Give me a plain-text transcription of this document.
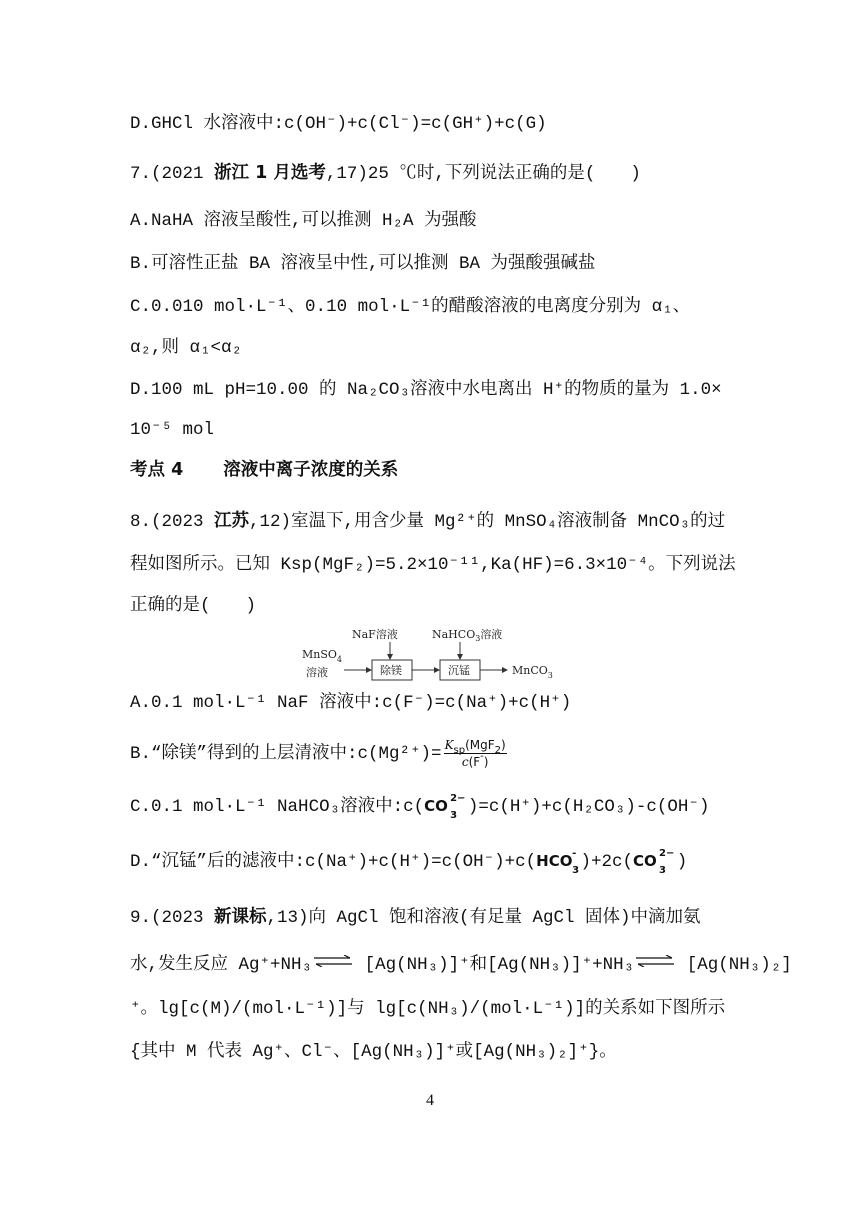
D.GHCl 水溶液中:c(OH⁻)+c(Cl⁻)=c(GH⁺)+c(G)
7.(2021 浙江 1 月选考,17)25 ℃时,下列说法正确的是(　　)
A.NaHA 溶液呈酸性,可以推测 H₂A 为强酸
B.可溶性正盐 BA 溶液呈中性,可以推测 BA 为强酸强碱盐
C.0.010 mol·L⁻¹、0.10 mol·L⁻¹的醋酸溶液的电离度分别为 α₁、
α₂,则 α₁<α₂
D.100 mL pH=10.00 的 Na₂CO₃溶液中水电离出 H⁺的物质的量为 1.0×
10⁻⁵ mol
考点 4 溶液中离子浓度的关系
8.(2023 江苏,12)室温下,用含少量 Mg²⁺的 MnSO₄溶液制备 MnCO₃的过
程如图所示。已知 Ksp(MgF₂)=5.2×10⁻¹¹,Ka(HF)=6.3×10⁻⁴。下列说法
正确的是(　　)
MnSO$_4$
溶液
NaF溶液
除镁
NaHCO$_3$溶液
沉锰	MnCO$_3$
A.0.1 mol·L⁻¹ NaF 溶液中:c(F⁻)=c(Na⁺)+c(H⁺)
B.“除镁”得到的上层清液中:c(Mg²⁺)= $\frac{K_{sp}(MgF_2)}{c(F^-)}$
C.0.1 mol·L⁻¹ NaHCO₃溶液中:c(CO 2−
3 )=c(H⁺)+c(H₂CO₃)-c(OH⁻)
D.“沉锰”后的滤液中:c(Na⁺)+c(H⁺)=c(OH⁻)+c(HCO -
3 )+2c(CO 2−
3 )
9.(2023 新课标,13)向 AgCl 饱和溶液(有足量 AgCl 固体)中滴加氨
水,发生反应 Ag⁺+NH₃ ⇌ [Ag(NH₃)]⁺和[Ag(NH₃)]⁺+NH₃ ⇌ [Ag(NH₃)₂]
⁺。lg[c(M)/(mol·L⁻¹)]与 lg[c(NH₃)/(mol·L⁻¹)]的关系如下图所示
{其中 M 代表 Ag⁺、Cl⁻、[Ag(NH₃)]⁺或[Ag(NH₃)₂]⁺}。
4
